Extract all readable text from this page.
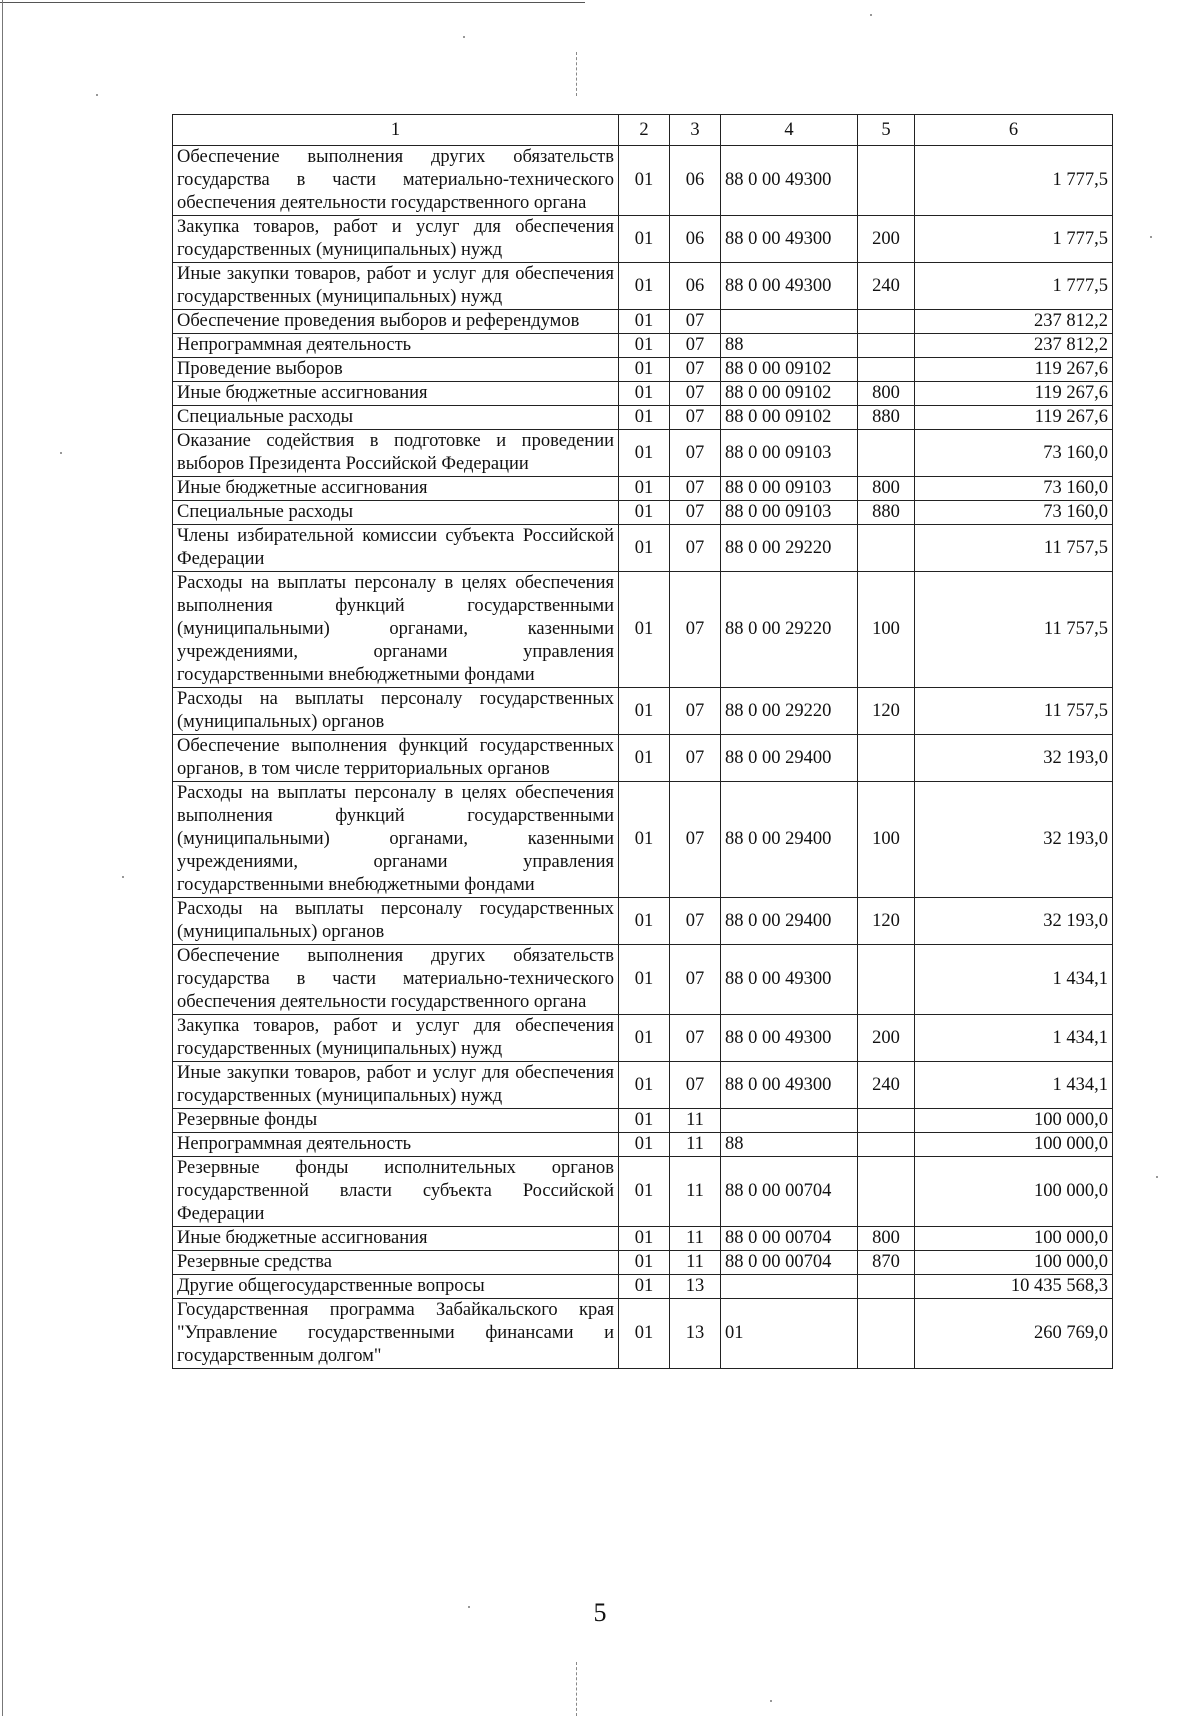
1	2	3	4	5	6
Обеспечение выполнения других обязательств государства в части материально-технического обеспечения деятельности государственного органа	01	06	88 0 00 49300		1 777,5
Закупка товаров, работ и услуг для обеспечения государственных (муниципальных) нужд	01	06	88 0 00 49300	200	1 777,5
Иные закупки товаров, работ и услуг для обеспечения государственных (муниципальных) нужд	01	06	88 0 00 49300	240	1 777,5
Обеспечение проведения выборов и референдумов	01	07			237 812,2
Непрограммная деятельность	01	07	88		237 812,2
Проведение выборов	01	07	88 0 00 09102		119 267,6
Иные бюджетные ассигнования	01	07	88 0 00 09102	800	119 267,6
Специальные расходы	01	07	88 0 00 09102	880	119 267,6
Оказание содействия в подготовке и проведении выборов Президента Российской Федерации	01	07	88 0 00 09103		73 160,0
Иные бюджетные ассигнования	01	07	88 0 00 09103	800	73 160,0
Специальные расходы	01	07	88 0 00 09103	880	73 160,0
Члены избирательной комиссии субъекта Российской Федерации	01	07	88 0 00 29220		11 757,5
Расходы на выплаты персоналу в целях обеспечения выполнения функций государственными (муниципальными) органами, казенными учреждениями, органами управления государственными внебюджетными фондами	01	07	88 0 00 29220	100	11 757,5
Расходы на выплаты персоналу государственных (муниципальных) органов	01	07	88 0 00 29220	120	11 757,5
Обеспечение выполнения функций государственных органов, в том числе территориальных органов	01	07	88 0 00 29400		32 193,0
Расходы на выплаты персоналу в целях обеспечения выполнения функций государственными (муниципальными) органами, казенными учреждениями, органами управления государственными внебюджетными фондами	01	07	88 0 00 29400	100	32 193,0
Расходы на выплаты персоналу государственных (муниципальных) органов	01	07	88 0 00 29400	120	32 193,0
Обеспечение выполнения других обязательств государства в части материально-технического обеспечения деятельности государственного органа	01	07	88 0 00 49300		1 434,1
Закупка товаров, работ и услуг для обеспечения государственных (муниципальных) нужд	01	07	88 0 00 49300	200	1 434,1
Иные закупки товаров, работ и услуг для обеспечения государственных (муниципальных) нужд	01	07	88 0 00 49300	240	1 434,1
Резервные фонды	01	11			100 000,0
Непрограммная деятельность	01	11	88		100 000,0
Резервные фонды исполнительных органов государственной власти субъекта Российской Федерации	01	11	88 0 00 00704		100 000,0
Иные бюджетные ассигнования	01	11	88 0 00 00704	800	100 000,0
Резервные средства	01	11	88 0 00 00704	870	100 000,0
Другие общегосударственные вопросы	01	13			10 435 568,3
Государственная программа Забайкальского края "Управление государственными финансами и государственным долгом"	01	13	01		260 769,0
5
